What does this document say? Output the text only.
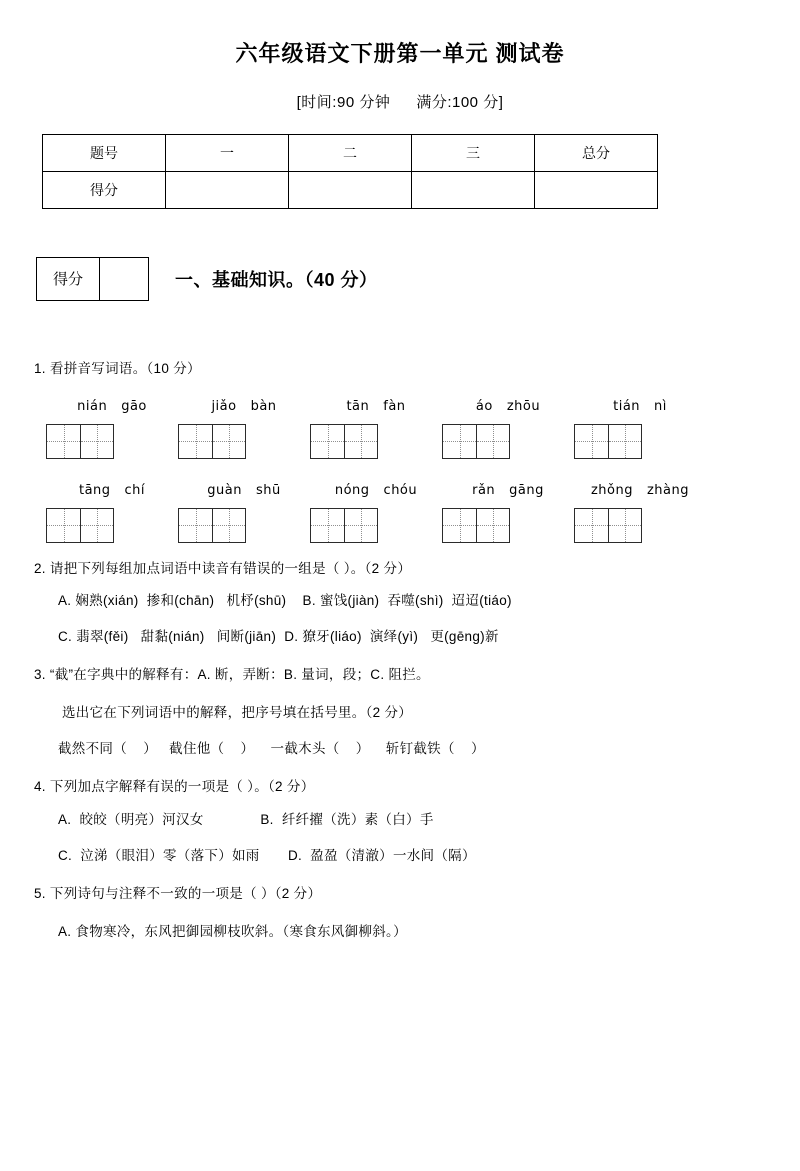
六年级语文下册第一单元 测试卷
[时间:90 分钟 满分:100 分]
题号	一	二	三	总分
得分				
得分	一、基础知识。（40 分）
1. 看拼音写词语。（10 分）
nián gāo	jiǎo bàn	tān fàn	áo zhōu	tián nì
tāng chí	guàn shū	nóng chóu	rǎn gāng	zhǒng zhàng
2. 请把下列每组加点词语中读音有错误的一组是（ ）。（2 分）
A. 娴熟(xián)  掺和(chān)   机杼(shū)    B. 蜜饯(jiàn)  吞噬(shì)  迢迢(tiáo)
C. 翡翠(fěi)   甜黏(nián)   间断(jiān)  D. 獠牙(liáo)  演绎(yì)   更(gēng)新
3. “截”在字典中的解释有：A. 断，弄断：B. 量词，段；C. 阻拦。
选出它在下列词语中的解释，把序号填在括号里。（2 分）
截然不同（    ）   截住他（    ）    一截木头（    ）    斩钉截铁（    ）
4. 下列加点字解释有误的一项是（ ）。（2 分）
A.  皎皎（明亮）河汉女              B.  纤纤擢（洗）素（白）手
C.  泣涕（眼泪）零（落下）如雨       D.  盈盈（清澈）一水间（隔）
5. 下列诗句与注释不一致的一项是（ ）（2 分）
A. 食物寒冷，东风把御园柳枝吹斜。（寒食东风御柳斜。）
